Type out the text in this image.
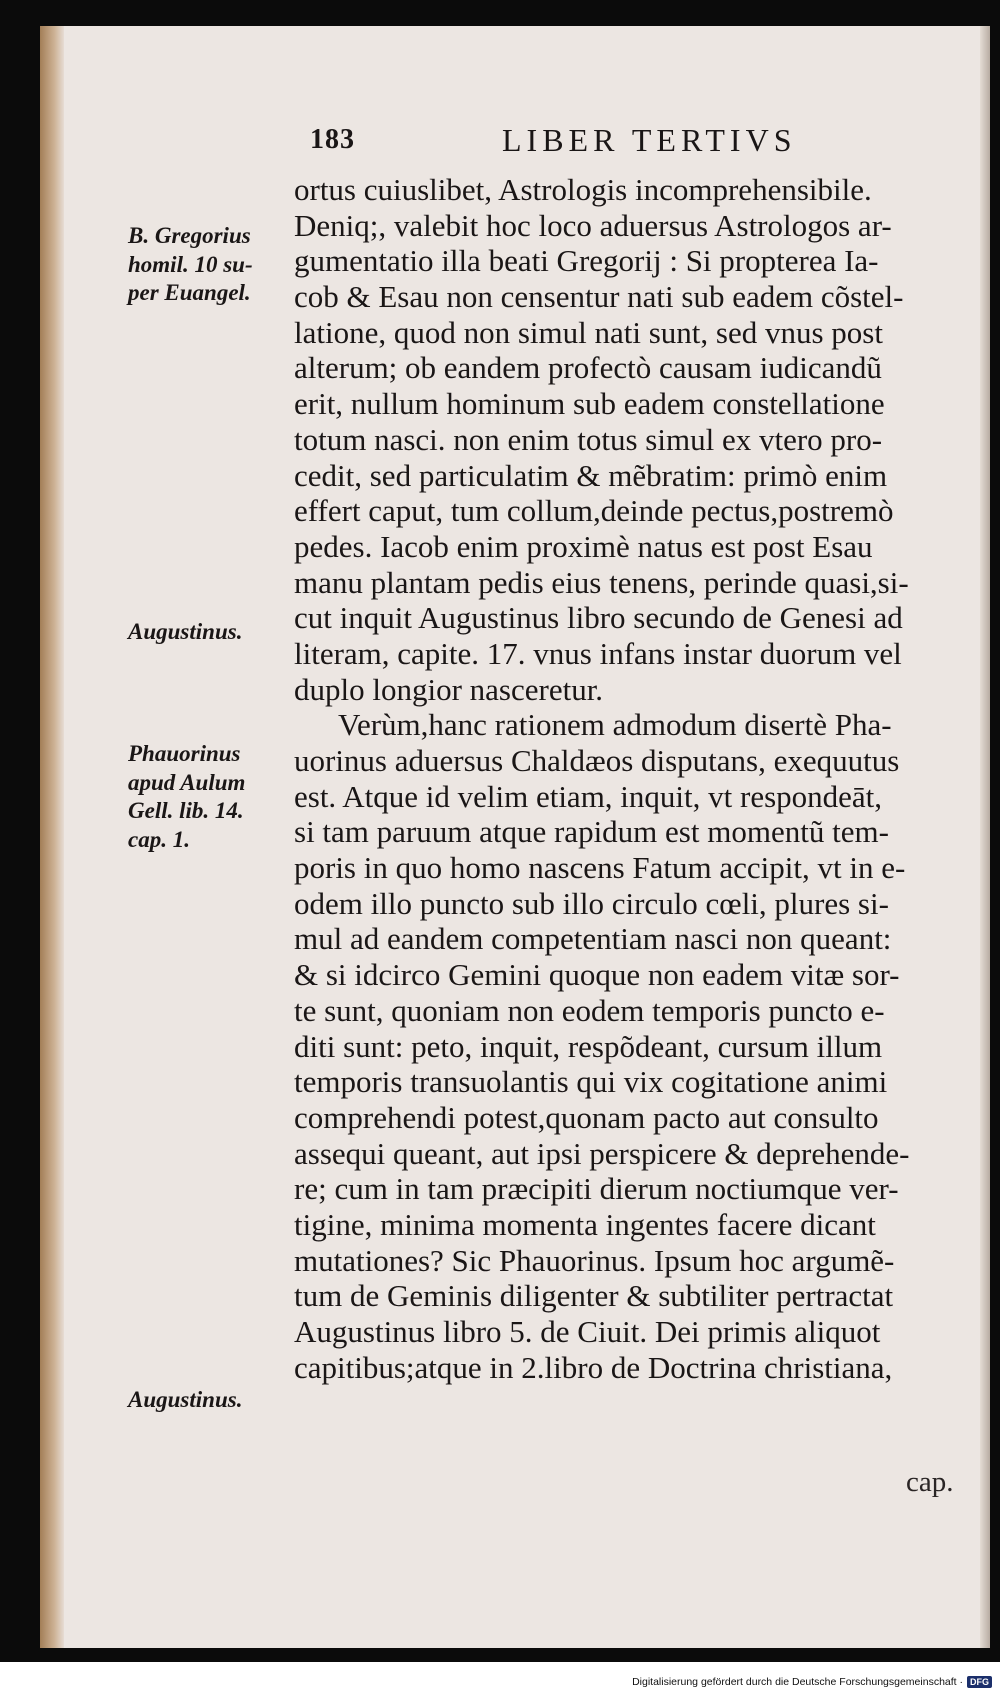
183	LIBER TERTIVS
ortus cuiuslibet, Astrologis incomprehensibile.
Deniq;, valebit hoc loco aduersus Astrologos ar-
gumentatio illa beati Gregorij : Si propterea Ia-
cob & Esau non censentur nati sub eadem cõstel-
latione, quod non simul nati sunt, sed vnus post
alterum; ob eandem profectò causam iudicandũ
erit, nullum hominum sub eadem constellatione
totum nasci. non enim totus simul ex vtero pro-
cedit, sed particulatim & mẽbratim: primò enim
effert caput, tum collum,deinde pectus,postremò
pedes. Iacob enim proximè natus est post Esau
manu plantam pedis eius tenens, perinde quasi,si-
cut inquit Augustinus libro secundo de Genesi ad
literam, capite. 17. vnus infans instar duorum vel
duplo longior nasceretur.
Verùm,hanc rationem admodum disertè Pha-
uorinus aduersus Chaldæos disputans, exequutus
est. Atque id velim etiam, inquit, vt respondeāt,
si tam paruum atque rapidum est momentũ tem-
poris in quo homo nascens Fatum accipit, vt in e-
odem illo puncto sub illo circulo cœli, plures si-
mul ad eandem competentiam nasci non queant:
& si idcirco Gemini quoque non eadem vitæ sor-
te sunt, quoniam non eodem temporis puncto e-
diti sunt: peto, inquit, respõdeant, cursum illum
temporis transuolantis qui vix cogitatione animi
comprehendi potest,quonam pacto aut consulto
assequi queant, aut ipsi perspicere & deprehende-
re; cum in tam præcipiti dierum noctiumque ver-
tigine, minima momenta ingentes facere dicant
mutationes? Sic Phauorinus. Ipsum hoc argumẽ-
tum de Geminis diligenter & subtiliter pertractat
Augustinus libro 5. de Ciuit. Dei primis aliquot
capitibus;atque in 2.libro de Doctrina christiana,
cap.
B. Gregorius
homil. 10 su-
per Euangel.
Augustinus.
Phauorinus
apud Aulum
Gell. lib. 14.
cap. 1.
Augustinus.
Digitalisierung gefördert durch die Deutsche Forschungsgemeinschaft · DFG
